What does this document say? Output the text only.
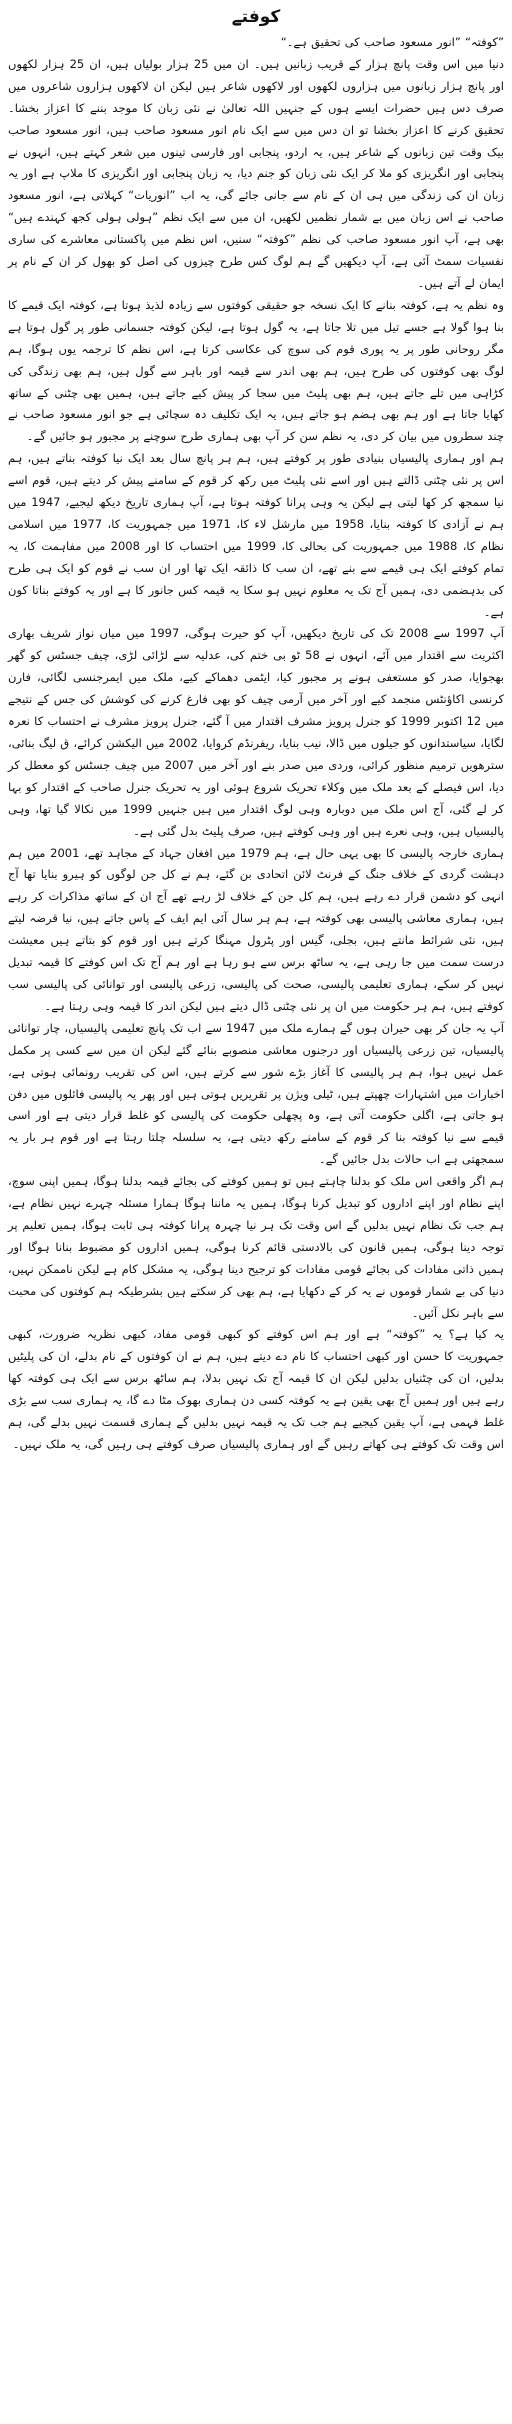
کوفتے

”کوفتہ“ ”انور مسعود صاحب کی تحقیق ہے۔“

دنیا میں اس وقت پانچ ہزار کے قریب زبانیں ہیں۔ ان میں 25 ہزار بولیاں ہیں، ان 25 ہزار لکھوں اور پانچ ہزار زبانوں میں ہزاروں لکھوں اور لاکھوں شاعر ہیں لیکن ان لاکھوں ہزاروں شاعروں میں صرف دس ہیں حضرات ایسے ہوں کے جنہیں اللہ تعالیٰ نے نئی زبان کا موجد بننے کا اعزاز بخشا۔ تحقیق کرنے کا اعزاز بخشا تو ان دس میں سے ایک نام انور مسعود صاحب ہیں، انور مسعود صاحب بیک وقت تین زبانوں کے شاعر ہیں، یہ اردو، پنجابی اور فارسی تینوں میں شعر کہتے ہیں، انہوں نے پنجابی اور انگریزی کو ملا کر ایک نئی زبان کو جنم دیا، یہ زبان پنجابی اور انگریزی کا ملاپ ہے اور یہ زبان ان کی زندگی میں ہی ان کے نام سے جانی جائے گی، یہ اب ”انوریات“ کہلاتی ہے، انور مسعود صاحب نے اس زبان میں بے شمار نظمیں لکھیں، ان میں سے ایک نظم ”ہولی ہولی کجھ کہندے ہیں“ بھی ہے، آپ انور مسعود صاحب کی نظم ”کوفتہ“ سنیں، اس نظم میں پاکستانی معاشرے کی ساری نفسیات سمٹ آئی ہے، آپ دیکھیں گے ہم لوگ کس طرح چیزوں کی اصل کو بھول کر ان کے نام پر ایمان لے آتے ہیں۔

وہ نظم یہ ہے، کوفتہ بنانے کا ایک نسخہ جو حقیقی کوفتوں سے زیادہ لذیذ ہوتا ہے، کوفتہ ایک قیمے کا بنا ہوا گولا ہے جسے تیل میں تلا جاتا ہے، یہ گول ہوتا ہے، لیکن کوفتہ جسمانی طور پر گول ہوتا ہے مگر روحانی طور پر یہ پوری قوم کی سوچ کی عکاسی کرتا ہے، اس نظم کا ترجمہ یوں ہوگا، ہم لوگ بھی کوفتوں کی طرح ہیں، ہم بھی اندر سے قیمہ اور باہر سے گول ہیں، ہم بھی زندگی کی کڑاہی میں تلے جاتے ہیں، ہم بھی پلیٹ میں سجا کر پیش کیے جاتے ہیں، ہمیں بھی چٹنی کے ساتھ کھایا جاتا ہے اور ہم بھی ہضم ہو جاتے ہیں، یہ ایک تکلیف دہ سچائی ہے جو انور مسعود صاحب نے چند سطروں میں بیان کر دی، یہ نظم سن کر آپ بھی ہماری طرح سوچنے پر مجبور ہو جائیں گے۔

ہم اور ہماری پالیسیاں بنیادی طور پر کوفتے ہیں، ہم ہر پانچ سال بعد ایک نیا کوفتہ بناتے ہیں، ہم اس پر نئی چٹنی ڈالتے ہیں اور اسے نئی پلیٹ میں رکھ کر قوم کے سامنے پیش کر دیتے ہیں، قوم اسے نیا سمجھ کر کھا لیتی ہے لیکن یہ وہی پرانا کوفتہ ہوتا ہے، آپ ہماری تاریخ دیکھ لیجیے، 1947 میں ہم نے آزادی کا کوفتہ بنایا، 1958 میں مارشل لاء کا، 1971 میں جمہوریت کا، 1977 میں اسلامی نظام کا، 1988 میں جمہوریت کی بحالی کا، 1999 میں احتساب کا اور 2008 میں مفاہمت کا، یہ تمام کوفتے ایک ہی قیمے سے بنے تھے، ان سب کا ذائقہ ایک تھا اور ان سب نے قوم کو ایک ہی طرح کی بدہضمی دی، ہمیں آج تک یہ معلوم نہیں ہو سکا یہ قیمہ کس جانور کا ہے اور یہ کوفتے بناتا کون ہے۔

آپ 1997 سے 2008 تک کی تاریخ دیکھیں، آپ کو حیرت ہوگی، 1997 میں میاں نواز شریف بھاری اکثریت سے اقتدار میں آئے، انہوں نے 58 ٹو بی ختم کی، عدلیہ سے لڑائی لڑی، چیف جسٹس کو گھر بھجوایا، صدر کو مستعفی ہونے پر مجبور کیا، ایٹمی دھماکے کیے، ملک میں ایمرجنسی لگائی، فارن کرنسی اکاؤنٹس منجمد کیے اور آخر میں آرمی چیف کو بھی فارغ کرنے کی کوشش کی جس کے نتیجے میں 12 اکتوبر 1999 کو جنرل پرویز مشرف اقتدار میں آ گئے، جنرل پرویز مشرف نے احتساب کا نعرہ لگایا، سیاستدانوں کو جیلوں میں ڈالا، نیب بنایا، ریفرنڈم کروایا، 2002 میں الیکشن کرائے، ق لیگ بنائی، سترھویں ترمیم منظور کرائی، وردی میں صدر بنے اور آخر میں 2007 میں چیف جسٹس کو معطل کر دیا، اس فیصلے کے بعد ملک میں وکلاء تحریک شروع ہوئی اور یہ تحریک جنرل صاحب کے اقتدار کو بہا کر لے گئی، آج اس ملک میں دوبارہ وہی لوگ اقتدار میں ہیں جنہیں 1999 میں نکالا گیا تھا، وہی پالیسیاں ہیں، وہی نعرے ہیں اور وہی کوفتے ہیں، صرف پلیٹ بدل گئی ہے۔

ہماری خارجہ پالیسی کا بھی یہی حال ہے، ہم 1979 میں افغان جہاد کے مجاہد تھے، 2001 میں ہم دہشت گردی کے خلاف جنگ کے فرنٹ لائن اتحادی بن گئے، ہم نے کل جن لوگوں کو ہیرو بنایا تھا آج انہی کو دشمن قرار دے رہے ہیں، ہم کل جن کے خلاف لڑ رہے تھے آج ان کے ساتھ مذاکرات کر رہے ہیں، ہماری معاشی پالیسی بھی کوفتہ ہے، ہم ہر سال آئی ایم ایف کے پاس جاتے ہیں، نیا قرضہ لیتے ہیں، نئی شرائط مانتے ہیں، بجلی، گیس اور پٹرول مہنگا کرتے ہیں اور قوم کو بتاتے ہیں معیشت درست سمت میں جا رہی ہے، یہ ساٹھ برس سے ہو رہا ہے اور ہم آج تک اس کوفتے کا قیمہ تبدیل نہیں کر سکے، ہماری تعلیمی پالیسی، صحت کی پالیسی، زرعی پالیسی اور توانائی کی پالیسی سب کوفتے ہیں، ہم ہر حکومت میں ان پر نئی چٹنی ڈال دیتے ہیں لیکن اندر کا قیمہ وہی رہتا ہے۔

آپ یہ جان کر بھی حیران ہوں گے ہمارے ملک میں 1947 سے اب تک پانچ تعلیمی پالیسیاں، چار توانائی پالیسیاں، تین زرعی پالیسیاں اور درجنوں معاشی منصوبے بنائے گئے لیکن ان میں سے کسی پر مکمل عمل نہیں ہوا، ہم ہر پالیسی کا آغاز بڑے شور سے کرتے ہیں، اس کی تقریب رونمائی ہوتی ہے، اخبارات میں اشتہارات چھپتے ہیں، ٹیلی ویژن پر تقریریں ہوتی ہیں اور پھر یہ پالیسی فائلوں میں دفن ہو جاتی ہے، اگلی حکومت آتی ہے، وہ پچھلی حکومت کی پالیسی کو غلط قرار دیتی ہے اور اسی قیمے سے نیا کوفتہ بنا کر قوم کے سامنے رکھ دیتی ہے، یہ سلسلہ چلتا رہتا ہے اور قوم ہر بار یہ سمجھتی ہے اب حالات بدل جائیں گے۔

ہم اگر واقعی اس ملک کو بدلنا چاہتے ہیں تو ہمیں کوفتے کی بجائے قیمہ بدلنا ہوگا، ہمیں اپنی سوچ، اپنے نظام اور اپنے اداروں کو تبدیل کرنا ہوگا، ہمیں یہ ماننا ہوگا ہمارا مسئلہ چہرے نہیں نظام ہے، ہم جب تک نظام نہیں بدلیں گے اس وقت تک ہر نیا چہرہ پرانا کوفتہ ہی ثابت ہوگا، ہمیں تعلیم پر توجہ دینا ہوگی، ہمیں قانون کی بالادستی قائم کرنا ہوگی، ہمیں اداروں کو مضبوط بنانا ہوگا اور ہمیں ذاتی مفادات کی بجائے قومی مفادات کو ترجیح دینا ہوگی، یہ مشکل کام ہے لیکن ناممکن نہیں، دنیا کی بے شمار قوموں نے یہ کر کے دکھایا ہے، ہم بھی کر سکتے ہیں بشرطیکہ ہم کوفتوں کی محبت سے باہر نکل آئیں۔

یہ کیا ہے؟ یہ ”کوفتہ“ ہے اور ہم اس کوفتے کو کبھی قومی مفاد، کبھی نظریہ ضرورت، کبھی جمہوریت کا حسن اور کبھی احتساب کا نام دے دیتے ہیں، ہم نے ان کوفتوں کے نام بدلے، ان کی پلیٹیں بدلیں، ان کی چٹنیاں بدلیں لیکن ان کا قیمہ آج تک نہیں بدلا، ہم ساٹھ برس سے ایک ہی کوفتہ کھا رہے ہیں اور ہمیں آج بھی یقین ہے یہ کوفتہ کسی دن ہماری بھوک مٹا دے گا، یہ ہماری سب سے بڑی غلط فہمی ہے، آپ یقین کیجیے ہم جب تک یہ قیمہ نہیں بدلیں گے ہماری قسمت نہیں بدلے گی، ہم اس وقت تک کوفتے ہی کھاتے رہیں گے اور ہماری پالیسیاں صرف کوفتے ہی رہیں گی، یہ ملک نہیں۔
